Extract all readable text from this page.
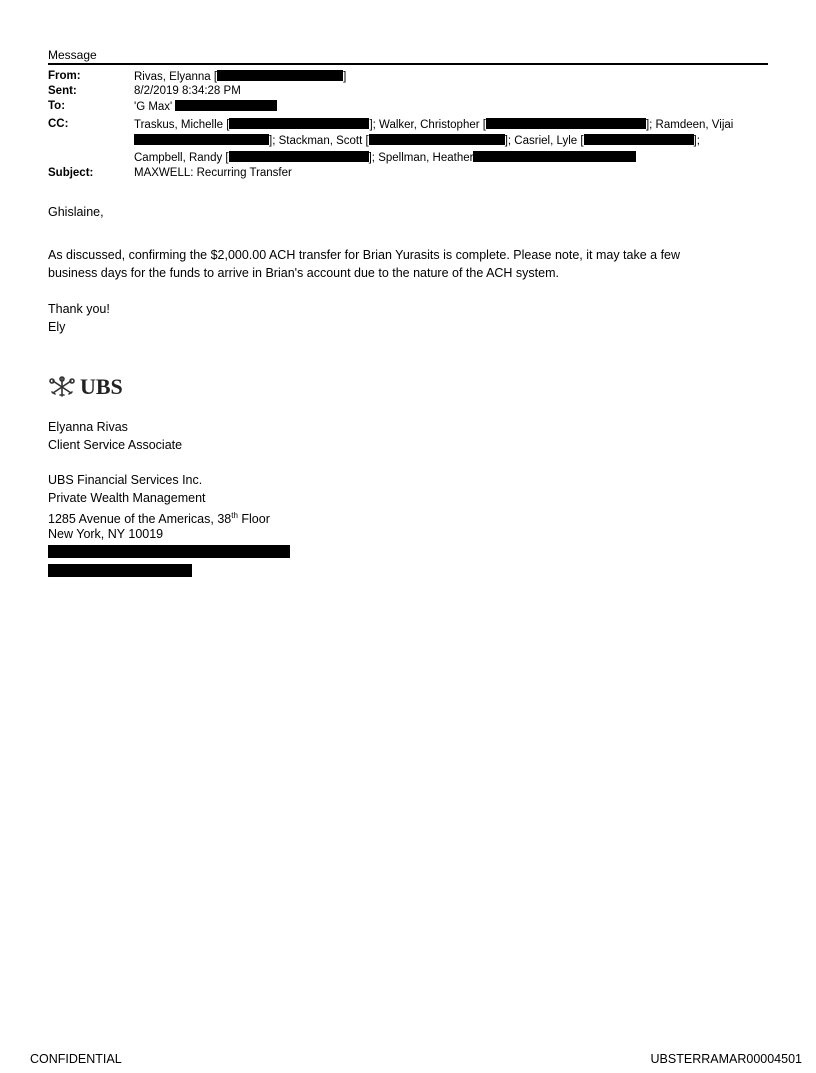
Message
From:	Rivas, Elyanna [	]
Sent:	8/2/2019 8:34:28 PM
To:	'G Max'
CC:	Traskus, Michelle [	]; Walker, Christopher [	]; Ramdeen, Vijai
]; Stackman, Scott [	]; Casriel, Lyle [	];
Campbell, Randy [	]; Spellman, Heather
Subject:	MAXWELL: Recurring Transfer
Ghislaine,
As discussed, confirming the $2,000.00 ACH transfer for Brian Yurasits is complete. Please note, it may take a few
business days for the funds to arrive in Brian's account due to the nature of the ACH system.
Thank you!
Ely
UBS
Elyanna Rivas
Client Service Associate
UBS Financial Services Inc.
Private Wealth Management
1285 Avenue of the Americas, 38th Floor
New York, NY 10019
CONFIDENTIAL	UBSTERRAMAR00004501
